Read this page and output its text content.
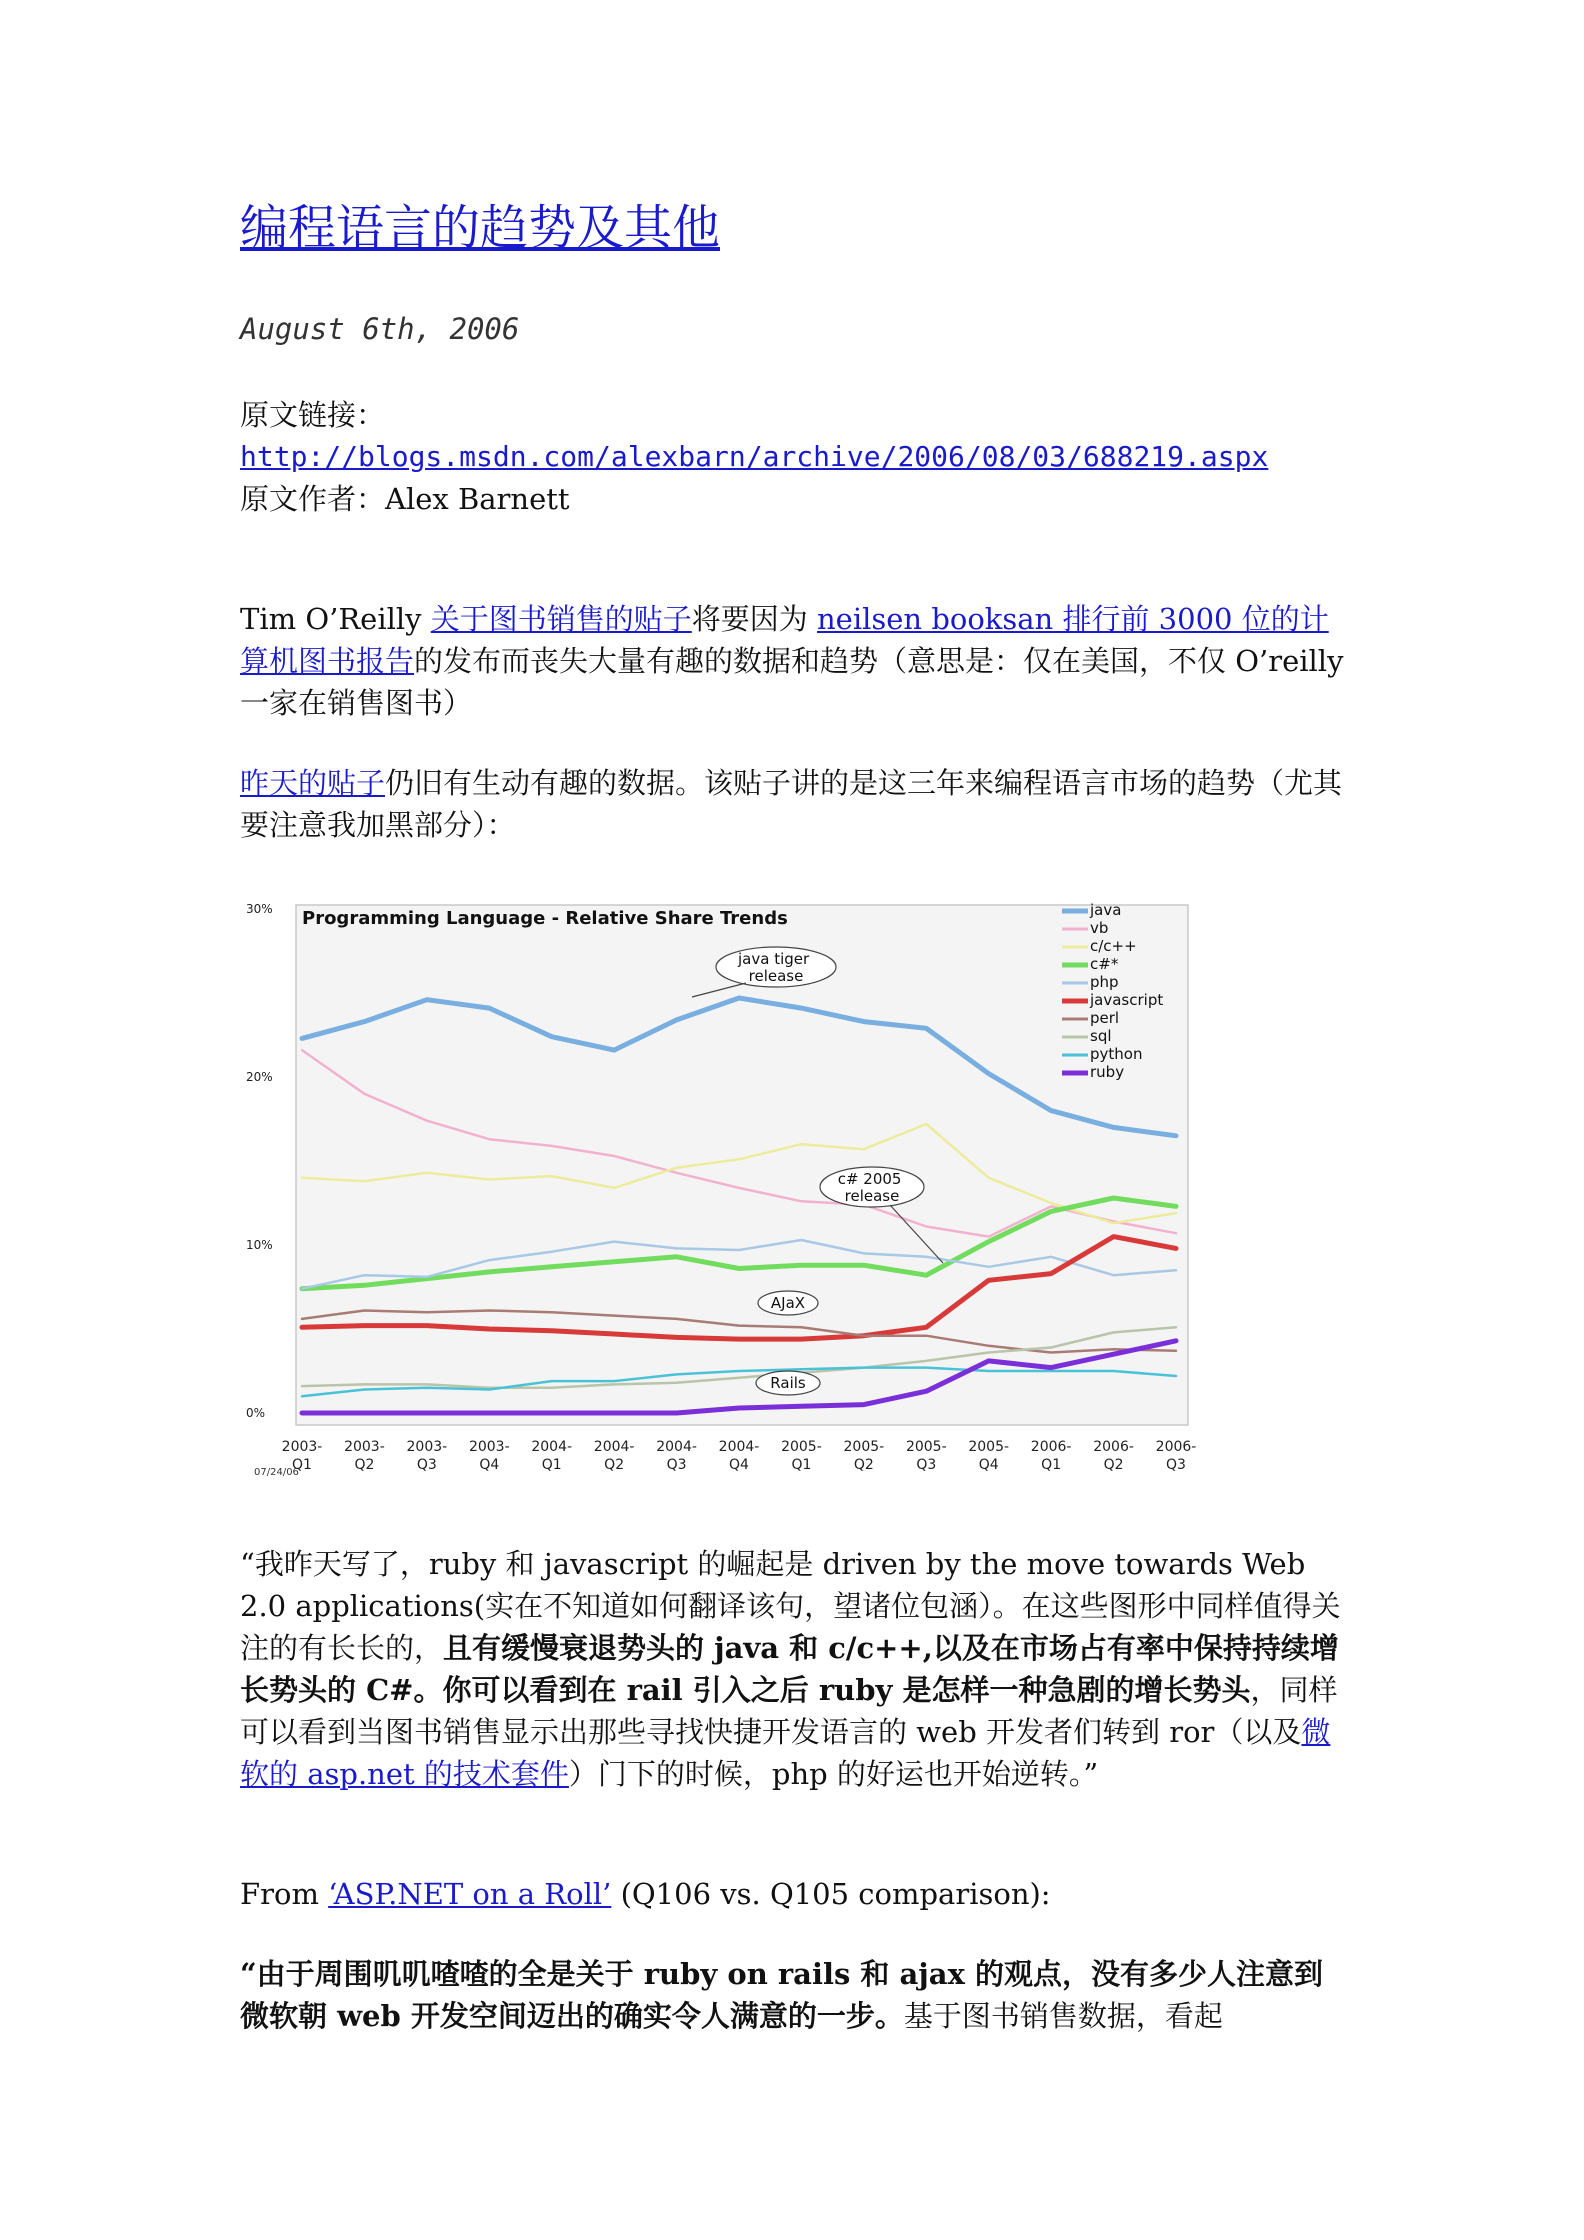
编程语言的趋势及其他
August 6th, 2006
原文链接：
http://blogs.msdn.com/alexbarn/archive/2006/08/03/688219.aspx
原文作者：Alex Barnett
Tim O’Reilly 关于图书销售的贴子将要因为 neilsen booksan 排行前 3000 位的计算机图书报告的发布而丧失大量有趣的数据和趋势（意思是：仅在美国，不仅 O’reilly 一家在销售图书）
昨天的贴子仍旧有生动有趣的数据。该贴子讲的是这三年来编程语言市场的趋势（尤其要注意我加黑部分）：
“我昨天写了，ruby 和 javascript 的崛起是 driven by the move towards Web 2.0 applications(实在不知道如何翻译该句，望诸位包涵）。在这些图形中同样值得关注的有长长的，且有缓慢衰退势头的 java 和 c/c++,以及在市场占有率中保持持续增长势头的 C#。你可以看到在 rail 引入之后 ruby 是怎样一种急剧的增长势头，同样可以看到当图书销售显示出那些寻找快捷开发语言的 web 开发者们转到 ror（以及微软的 asp.net 的技术套件）门下的时候，php 的好运也开始逆转。”
From ‘ASP.NET on a Roll’ (Q106 vs. Q105 comparison):
“由于周围叽叽喳喳的全是关于 ruby on rails 和 ajax 的观点，没有多少人注意到微软朝 web 开发空间迈出的确实令人满意的一步。基于图书销售数据，看起
0%
10%
20%
30%
2003-Q1
2003-Q2
2003-Q3
2003-Q4
2004-Q1
2004-Q2
2004-Q3
2004-Q4
2005-Q1
2005-Q2
2005-Q3
2005-Q4
2006-Q1
2006-Q2
2006-Q3
Programming Language - Relative Share Trends	java
vb
c/c++
c#*
php
javascript
perl
sql
python
ruby
java tiger release
c# 2005 release
AJaX
Rails
07/24/06
